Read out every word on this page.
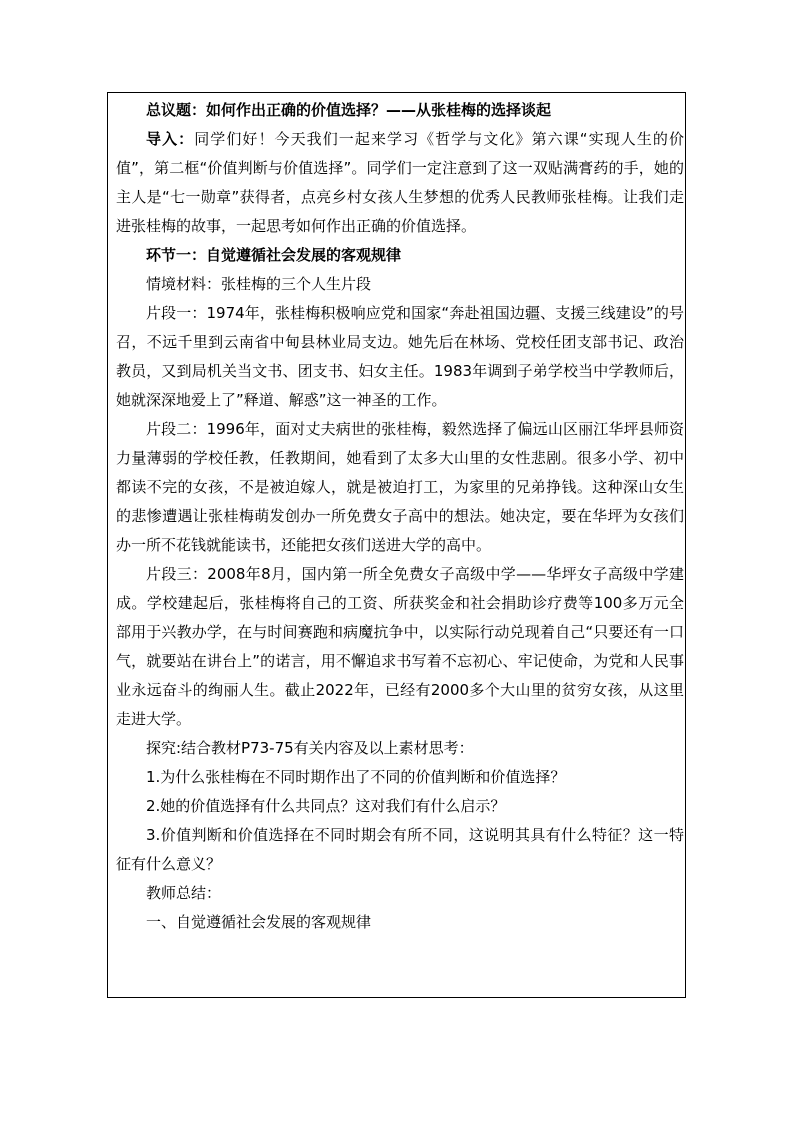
总议题：如何作出正确的价值选择？——从张桂梅的选择谈起

导入：同学们好！今天我们一起来学习《哲学与文化》第六课“实现人生的价值”，第二框“价值判断与价值选择”。同学们一定注意到了这一双贴满膏药的手，她的主人是“七一勋章”获得者，点亮乡村女孩人生梦想的优秀人民教师张桂梅。让我们走进张桂梅的故事，一起思考如何作出正确的价值选择。

环节一：自觉遵循社会发展的客观规律

情境材料：张桂梅的三个人生片段

片段一：1974年，张桂梅积极响应党和国家“奔赴祖国边疆、支援三线建设”的号召，不远千里到云南省中甸县林业局支边。她先后在林场、党校任团支部书记、政治教员，又到局机关当文书、团支书、妇女主任。1983年调到子弟学校当中学教师后，她就深深地爱上了”释道、解惑”这一神圣的工作。

片段二：1996年，面对丈夫病世的张桂梅，毅然选择了偏远山区丽江华坪县师资力量薄弱的学校任教，任教期间，她看到了太多大山里的女性悲剧。很多小学、初中都读不完的女孩，不是被迫嫁人，就是被迫打工，为家里的兄弟挣钱。这种深山女生的悲惨遭遇让张桂梅萌发创办一所免费女子高中的想法。她决定，要在华坪为女孩们办一所不花钱就能读书，还能把女孩们送进大学的高中。

片段三：2008年8月，国内第一所全免费女子高级中学——华坪女子高级中学建成。学校建起后，张桂梅将自己的工资、所获奖金和社会捐助诊疗费等100多万元全部用于兴教办学，在与时间赛跑和病魔抗争中，以实际行动兑现着自己“只要还有一口气，就要站在讲台上”的诺言，用不懈追求书写着不忘初心、牢记使命，为党和人民事业永远奋斗的绚丽人生。截止2022年，已经有2000多个大山里的贫穷女孩，从这里走进大学。

探究:结合教材P73-75有关内容及以上素材思考：

1.为什么张桂梅在不同时期作出了不同的价值判断和价值选择？

2.她的价值选择有什么共同点？这对我们有什么启示？

3.价值判断和价值选择在不同时期会有所不同，这说明其具有什么特征？这一特征有什么意义？

教师总结：

一、自觉遵循社会发展的客观规律
